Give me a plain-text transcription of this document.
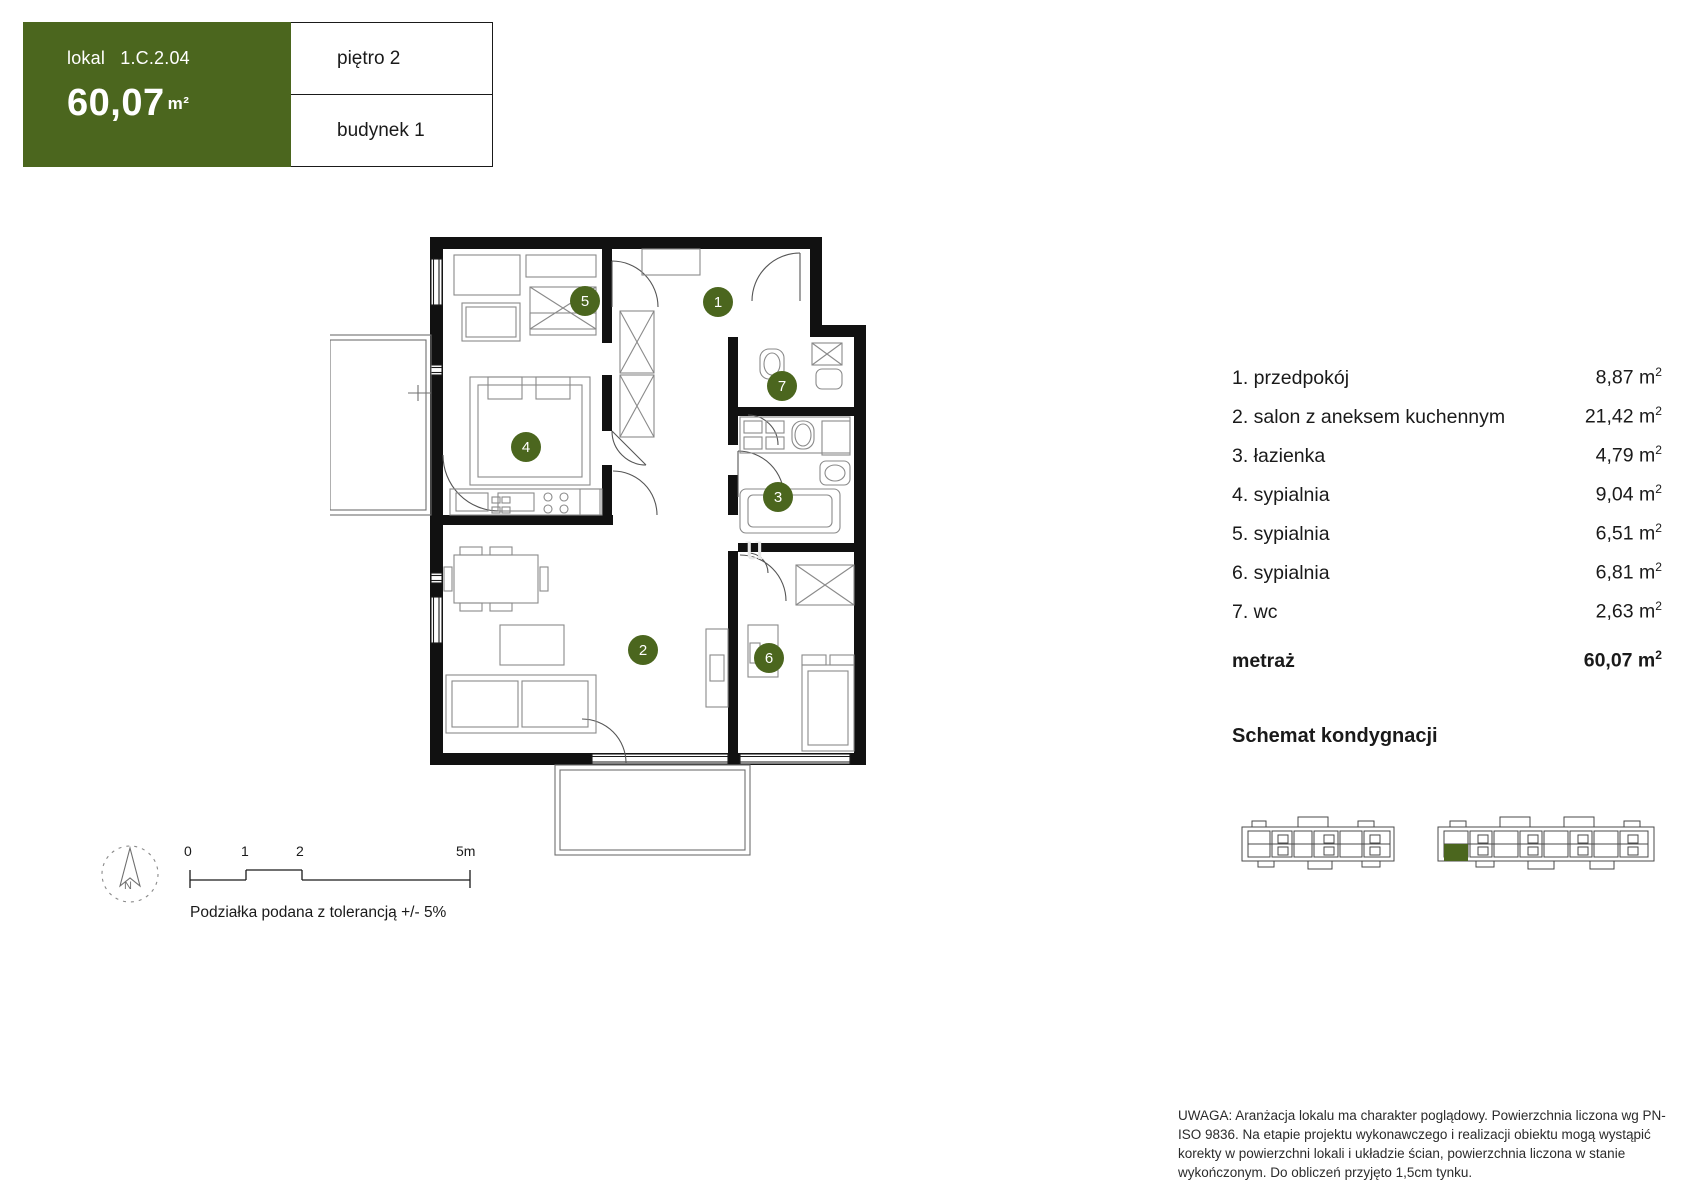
lokal 1.C.2.04
60,07 m²
piętro 2
budynek 1
1
2
3
4
5
6
7
u
0	1	2	5m
N
Podziałka podana z tolerancją +/- 5%
1. przedpokój	8,87 $m^2$
2. salon z aneksem kuchennym	21,42 $m^2$
3. łazienka	4,79 $m^2$
4. sypialnia	9,04 $m^2$
5. sypialnia	6,51 $m^2$
6. sypialnia	6,81 $m^2$
7. wc	2,63 $m^2$
metraż	60,07 $m^2$
Schemat kondygnacji
UWAGA: Aranżacja lokalu ma charakter poglądowy. Powierzchnia liczona wg PN-ISO 9836. Na etapie projektu wykonawczego i realizacji obiektu mogą wystąpić korekty w powierzchni lokali i układzie ścian, powierzchnia liczona w stanie wykończonym. Do obliczeń przyjęto 1,5cm tynku.
